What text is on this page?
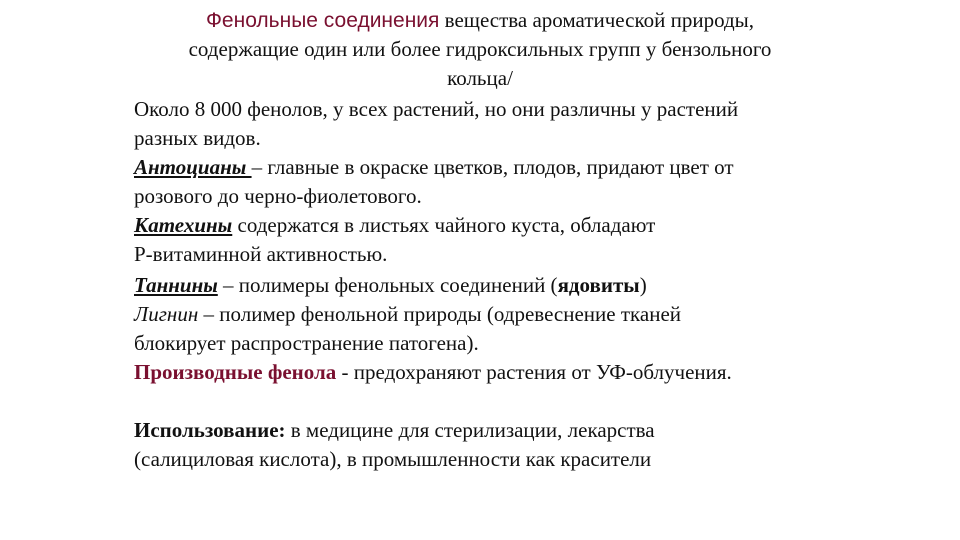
Фенольные соединения вещества ароматической природы,
содержащие один или более гидроксильных групп у бензольного
кольца/
Около 8 000 фенолов, у всех растений, но они различны у растений
разных видов.
Антоцианы – главные в окраске цветков, плодов, придают цвет от
розового до черно-фиолетового.
Катехины содержатся в листьях чайного куста, обладают
Р-витаминной активностью.
Таннины – полимеры фенольных соединений (ядовиты)
Лигнин – полимер фенольной природы (одревеснение тканей
блокирует распространение патогена).
Производные фенола - предохраняют растения от УФ-облучения.
Использование: в медицине для стерилизации, лекарства
(салициловая кислота), в промышленности как красители
